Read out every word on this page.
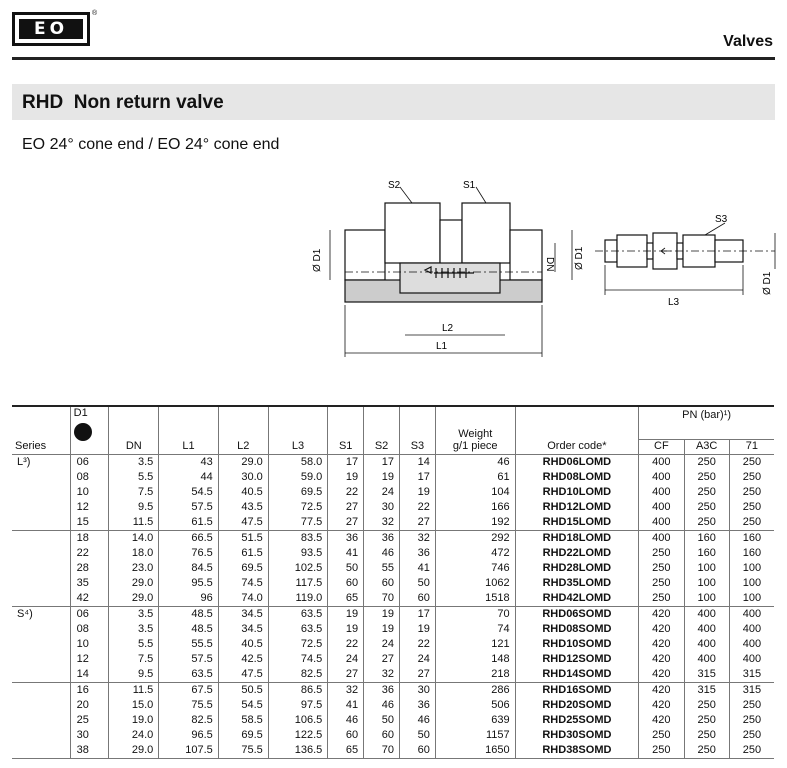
EO
®
Valves
RHD  Non return valve
EO 24° cone end / EO 24° cone end
S2	S1
Ø D1	DN Ø D1
L2
L1
S3
L3
Ø D1
Series	D1	DN	L1	L2	L3	S1	S2	S3	Weight
g/1 piece	Order code*	PN (bar)¹)		
											CF	A3C	71
L³)	06	3.5	43	29.0	58.0	17	17	14	46	RHD06LOMD	400	250	250
	08	5.5	44	30.0	59.0	19	19	17	61	RHD08LOMD	400	250	250
	10	7.5	54.5	40.5	69.5	22	24	19	104	RHD10LOMD	400	250	250
	12	9.5	57.5	43.5	72.5	27	30	22	166	RHD12LOMD	400	250	250
	15	11.5	61.5	47.5	77.5	27	32	27	192	RHD15LOMD	400	250	250
	18	14.0	66.5	51.5	83.5	36	36	32	292	RHD18LOMD	400	160	160
	22	18.0	76.5	61.5	93.5	41	46	36	472	RHD22LOMD	250	160	160
	28	23.0	84.5	69.5	102.5	50	55	41	746	RHD28LOMD	250	100	100
	35	29.0	95.5	74.5	117.5	60	60	50	1062	RHD35LOMD	250	100	100
	42	29.0	96	74.0	119.0	65	70	60	1518	RHD42LOMD	250	100	100
S⁴)	06	3.5	48.5	34.5	63.5	19	19	17	70	RHD06SOMD	420	400	400
	08	3.5	48.5	34.5	63.5	19	19	19	74	RHD08SOMD	420	400	400
	10	5.5	55.5	40.5	72.5	22	24	22	121	RHD10SOMD	420	400	400
	12	7.5	57.5	42.5	74.5	24	27	24	148	RHD12SOMD	420	400	400
	14	9.5	63.5	47.5	82.5	27	32	27	218	RHD14SOMD	420	315	315
	16	11.5	67.5	50.5	86.5	32	36	30	286	RHD16SOMD	420	315	315
	20	15.0	75.5	54.5	97.5	41	46	36	506	RHD20SOMD	420	250	250
	25	19.0	82.5	58.5	106.5	46	50	46	639	RHD25SOMD	420	250	250
	30	24.0	96.5	69.5	122.5	60	60	50	1157	RHD30SOMD	250	250	250
	38	29.0	107.5	75.5	136.5	65	70	60	1650	RHD38SOMD	250	250	250
